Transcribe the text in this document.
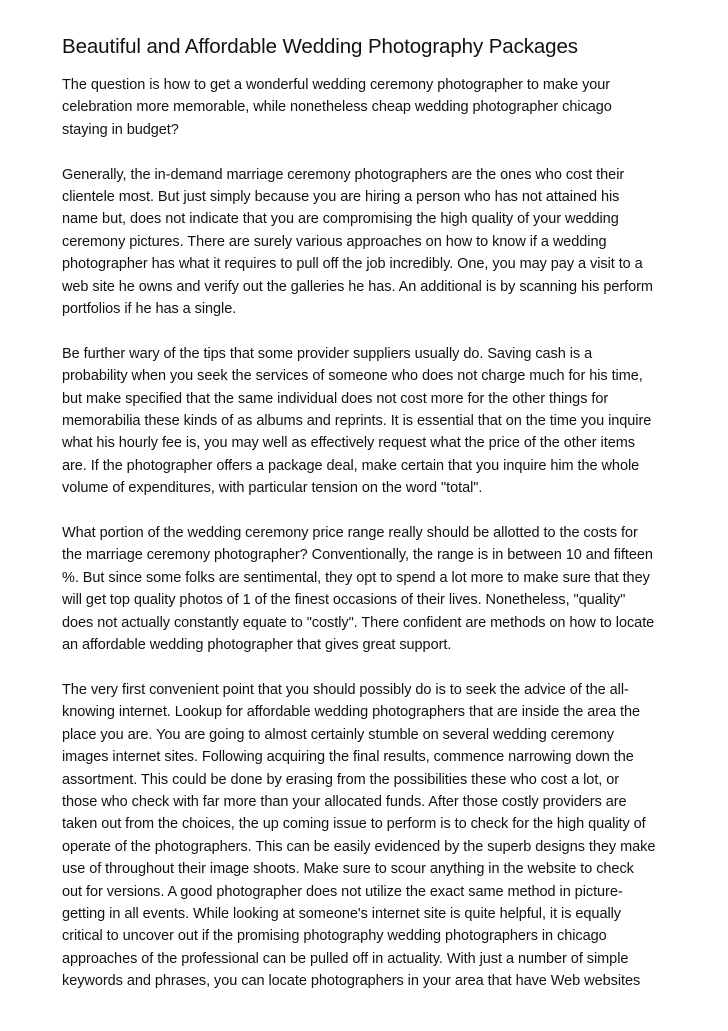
Beautiful and Affordable Wedding Photography Packages

The question is how to get a wonderful wedding ceremony photographer to make your
celebration more memorable, while nonetheless cheap wedding photographer chicago
staying in budget?

Generally, the in-demand marriage ceremony photographers are the ones who cost their
clientele most. But just simply because you are hiring a person who has not attained his
name but, does not indicate that you are compromising the high quality of your wedding
ceremony pictures. There are surely various approaches on how to know if a wedding
photographer has what it requires to pull off the job incredibly. One, you may pay a visit to a
web site he owns and verify out the galleries he has. An additional is by scanning his perform
portfolios if he has a single.

Be further wary of the tips that some provider suppliers usually do. Saving cash is a
probability when you seek the services of someone who does not charge much for his time,
but make specified that the same individual does not cost more for the other things for
memorabilia these kinds of as albums and reprints. It is essential that on the time you inquire
what his hourly fee is, you may well as effectively request what the price of the other items
are. If the photographer offers a package deal, make certain that you inquire him the whole
volume of expenditures, with particular tension on the word "total".

What portion of the wedding ceremony price range really should be allotted to the costs for
the marriage ceremony photographer? Conventionally, the range is in between 10 and fifteen
%. But since some folks are sentimental, they opt to spend a lot more to make sure that they
will get top quality photos of 1 of the finest occasions of their lives. Nonetheless, "quality"
does not actually constantly equate to "costly". There confident are methods on how to locate
an affordable wedding photographer that gives great support.

The very first convenient point that you should possibly do is to seek the advice of the all-
knowing internet. Lookup for affordable wedding photographers that are inside the area the
place you are. You are going to almost certainly stumble on several wedding ceremony
images internet sites. Following acquiring the final results, commence narrowing down the
assortment. This could be done by erasing from the possibilities these who cost a lot, or
those who check with far more than your allocated funds. After those costly providers are
taken out from the choices, the up coming issue to perform is to check for the high quality of
operate of the photographers. This can be easily evidenced by the superb designs they make
use of throughout their image shoots. Make sure to scour anything in the website to check
out for versions. A good photographer does not utilize the exact same method in picture-
getting in all events. While looking at someone's internet site is quite helpful, it is equally
critical to uncover out if the promising photography wedding photographers in chicago
approaches of the professional can be pulled off in actuality. With just a number of simple
keywords and phrases, you can locate photographers in your area that have Web websites
